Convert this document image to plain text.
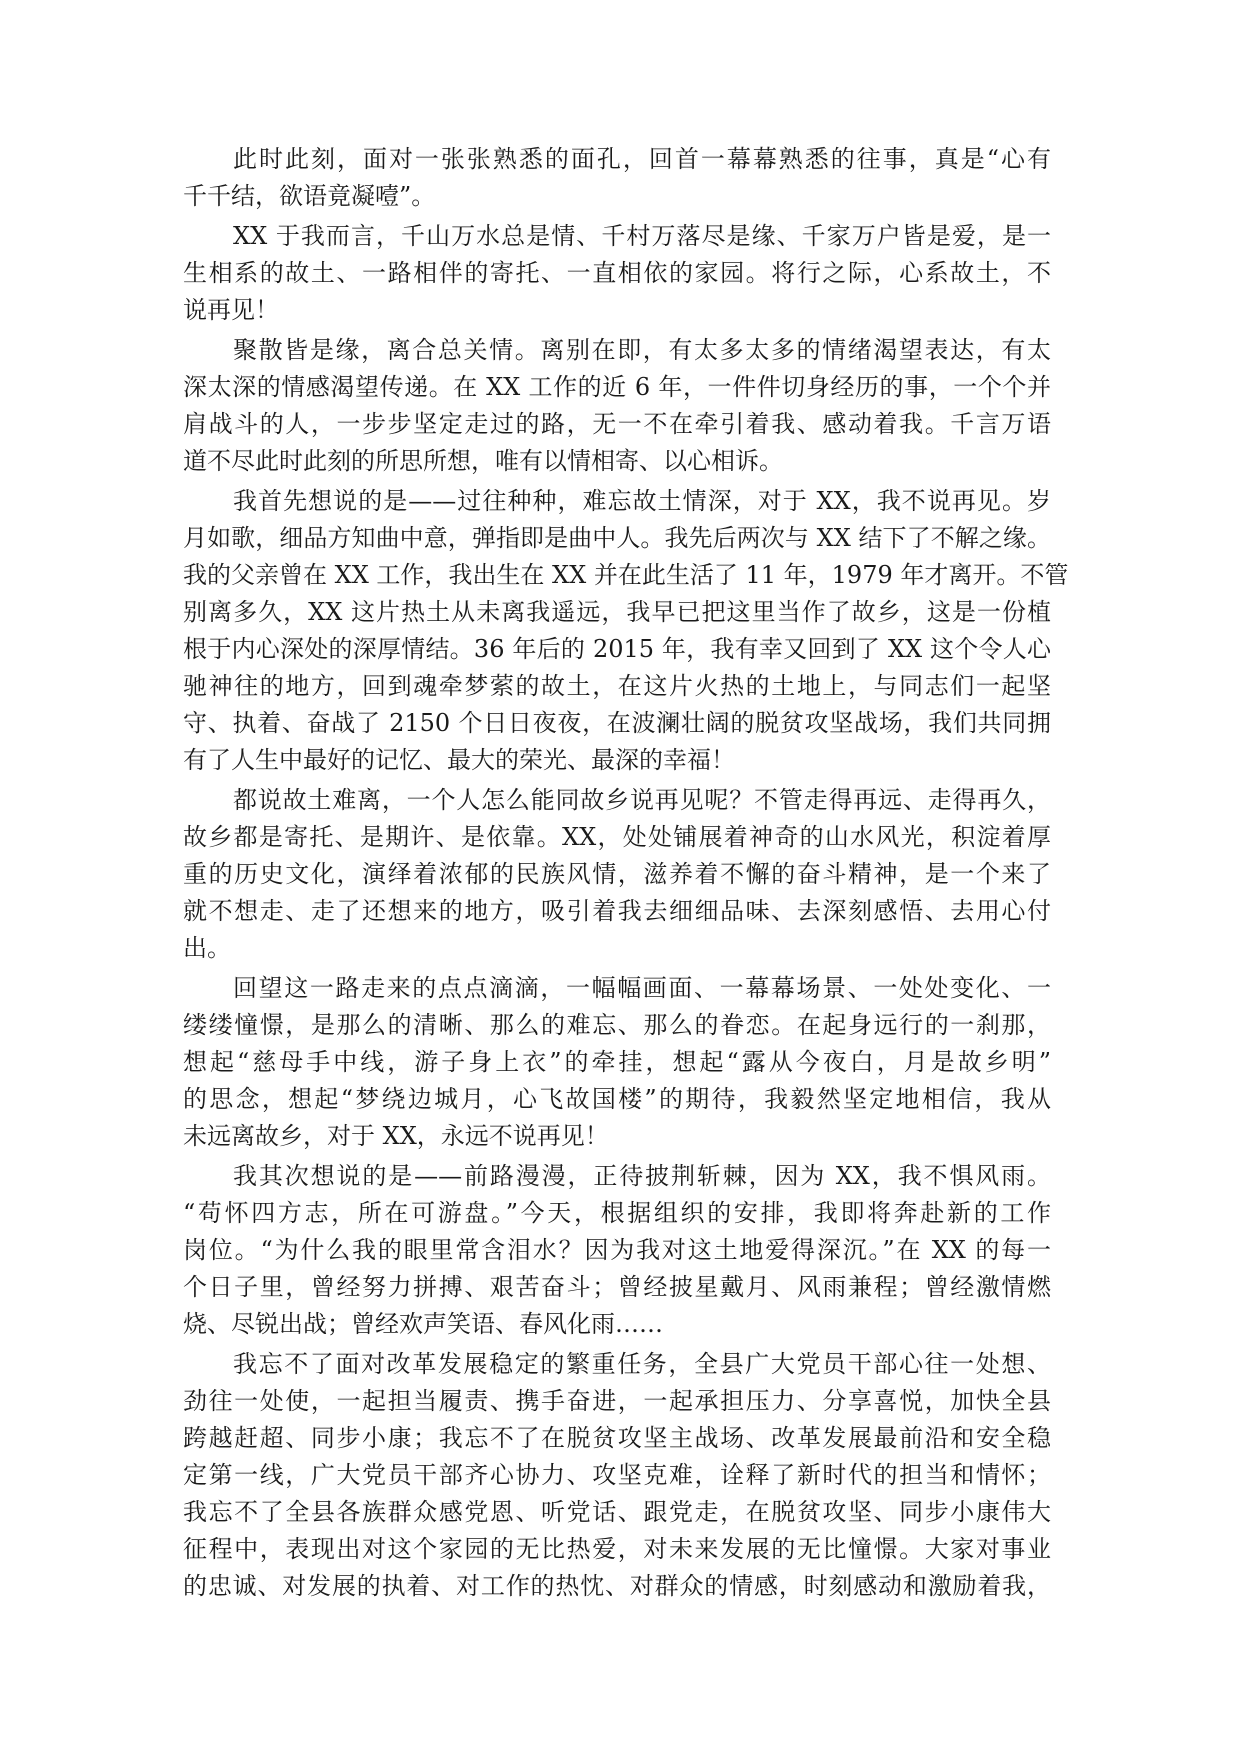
此时此刻，面对一张张熟悉的面孔，回首一幕幕熟悉的往事，真是“心有
千千结，欲语竟凝噎”。
XX 于我而言，千山万水总是情、千村万落尽是缘、千家万户皆是爱，是一
生相系的故土、一路相伴的寄托、一直相依的家园。将行之际，心系故土，不
说再见！
聚散皆是缘，离合总关情。离别在即，有太多太多的情绪渴望表达，有太
深太深的情感渴望传递。在 XX 工作的近 6 年，一件件切身经历的事，一个个并
肩战斗的人，一步步坚定走过的路，无一不在牵引着我、感动着我。千言万语
道不尽此时此刻的所思所想，唯有以情相寄、以心相诉。
我首先想说的是——过往种种，难忘故土情深，对于 XX，我不说再见。岁
月如歌，细品方知曲中意，弹指即是曲中人。我先后两次与 XX 结下了不解之缘。
我的父亲曾在 XX 工作，我出生在 XX 并在此生活了 11 年，1979 年才离开。不管
别离多久，XX 这片热土从未离我遥远，我早已把这里当作了故乡，这是一份植
根于内心深处的深厚情结。36 年后的 2015 年，我有幸又回到了 XX 这个令人心
驰神往的地方，回到魂牵梦萦的故土，在这片火热的土地上，与同志们一起坚
守、执着、奋战了 2150 个日日夜夜，在波澜壮阔的脱贫攻坚战场，我们共同拥
有了人生中最好的记忆、最大的荣光、最深的幸福！
都说故土难离，一个人怎么能同故乡说再见呢？不管走得再远、走得再久，
故乡都是寄托、是期许、是依靠。XX，处处铺展着神奇的山水风光，积淀着厚
重的历史文化，演绎着浓郁的民族风情，滋养着不懈的奋斗精神，是一个来了
就不想走、走了还想来的地方，吸引着我去细细品味、去深刻感悟、去用心付
出。
回望这一路走来的点点滴滴，一幅幅画面、一幕幕场景、一处处变化、一
缕缕憧憬，是那么的清晰、那么的难忘、那么的眷恋。在起身远行的一刹那，
想起“慈母手中线，游子身上衣”的牵挂，想起“露从今夜白，月是故乡明”
的思念，想起“梦绕边城月，心飞故国楼”的期待，我毅然坚定地相信，我从
未远离故乡，对于 XX，永远不说再见！
我其次想说的是——前路漫漫，正待披荆斩棘，因为 XX，我不惧风雨。
“苟怀四方志，所在可游盘。”今天，根据组织的安排，我即将奔赴新的工作
岗位。“为什么我的眼里常含泪水？因为我对这土地爱得深沉。”在 XX 的每一
个日子里，曾经努力拼搏、艰苦奋斗；曾经披星戴月、风雨兼程；曾经激情燃
烧、尽锐出战；曾经欢声笑语、春风化雨……
我忘不了面对改革发展稳定的繁重任务，全县广大党员干部心往一处想、
劲往一处使，一起担当履责、携手奋进，一起承担压力、分享喜悦，加快全县
跨越赶超、同步小康；我忘不了在脱贫攻坚主战场、改革发展最前沿和安全稳
定第一线，广大党员干部齐心协力、攻坚克难，诠释了新时代的担当和情怀；
我忘不了全县各族群众感党恩、听党话、跟党走，在脱贫攻坚、同步小康伟大
征程中，表现出对这个家园的无比热爱，对未来发展的无比憧憬。大家对事业
的忠诚、对发展的执着、对工作的热忱、对群众的情感，时刻感动和激励着我，
